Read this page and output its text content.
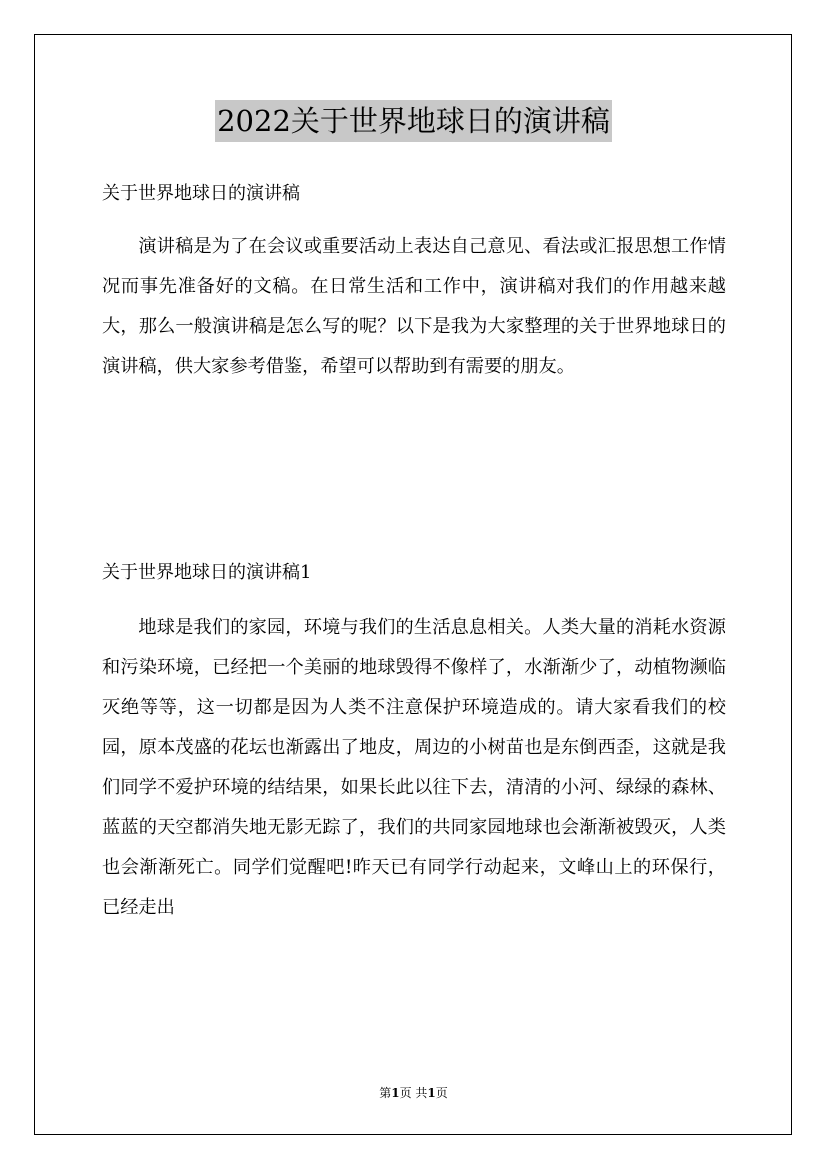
2022关于世界地球日的演讲稿
关于世界地球日的演讲稿

演讲稿是为了在会议或重要活动上表达自己意见、看法或汇报思想工作情况而事先准备好的文稿。在日常生活和工作中，演讲稿对我们的作用越来越大，那么一般演讲稿是怎么写的呢？以下是我为大家整理的关于世界地球日的演讲稿，供大家参考借鉴，希望可以帮助到有需要的朋友。

关于世界地球日的演讲稿1

地球是我们的家园，环境与我们的生活息息相关。人类大量的消耗水资源和污染环境，已经把一个美丽的地球毁得不像样了，水渐渐少了，动植物濒临灭绝等等，这一切都是因为人类不注意保护环境造成的。请大家看我们的校园，原本茂盛的花坛也渐露出了地皮，周边的小树苗也是东倒西歪，这就是我们同学不爱护环境的结结果，如果长此以往下去，清清的小河、绿绿的森林、蓝蓝的天空都消失地无影无踪了，我们的共同家园地球也会渐渐被毁灭，人类也会渐渐死亡。同学们觉醒吧!昨天已有同学行动起来，文峰山上的环保行，已经走出

第1页 共1页
